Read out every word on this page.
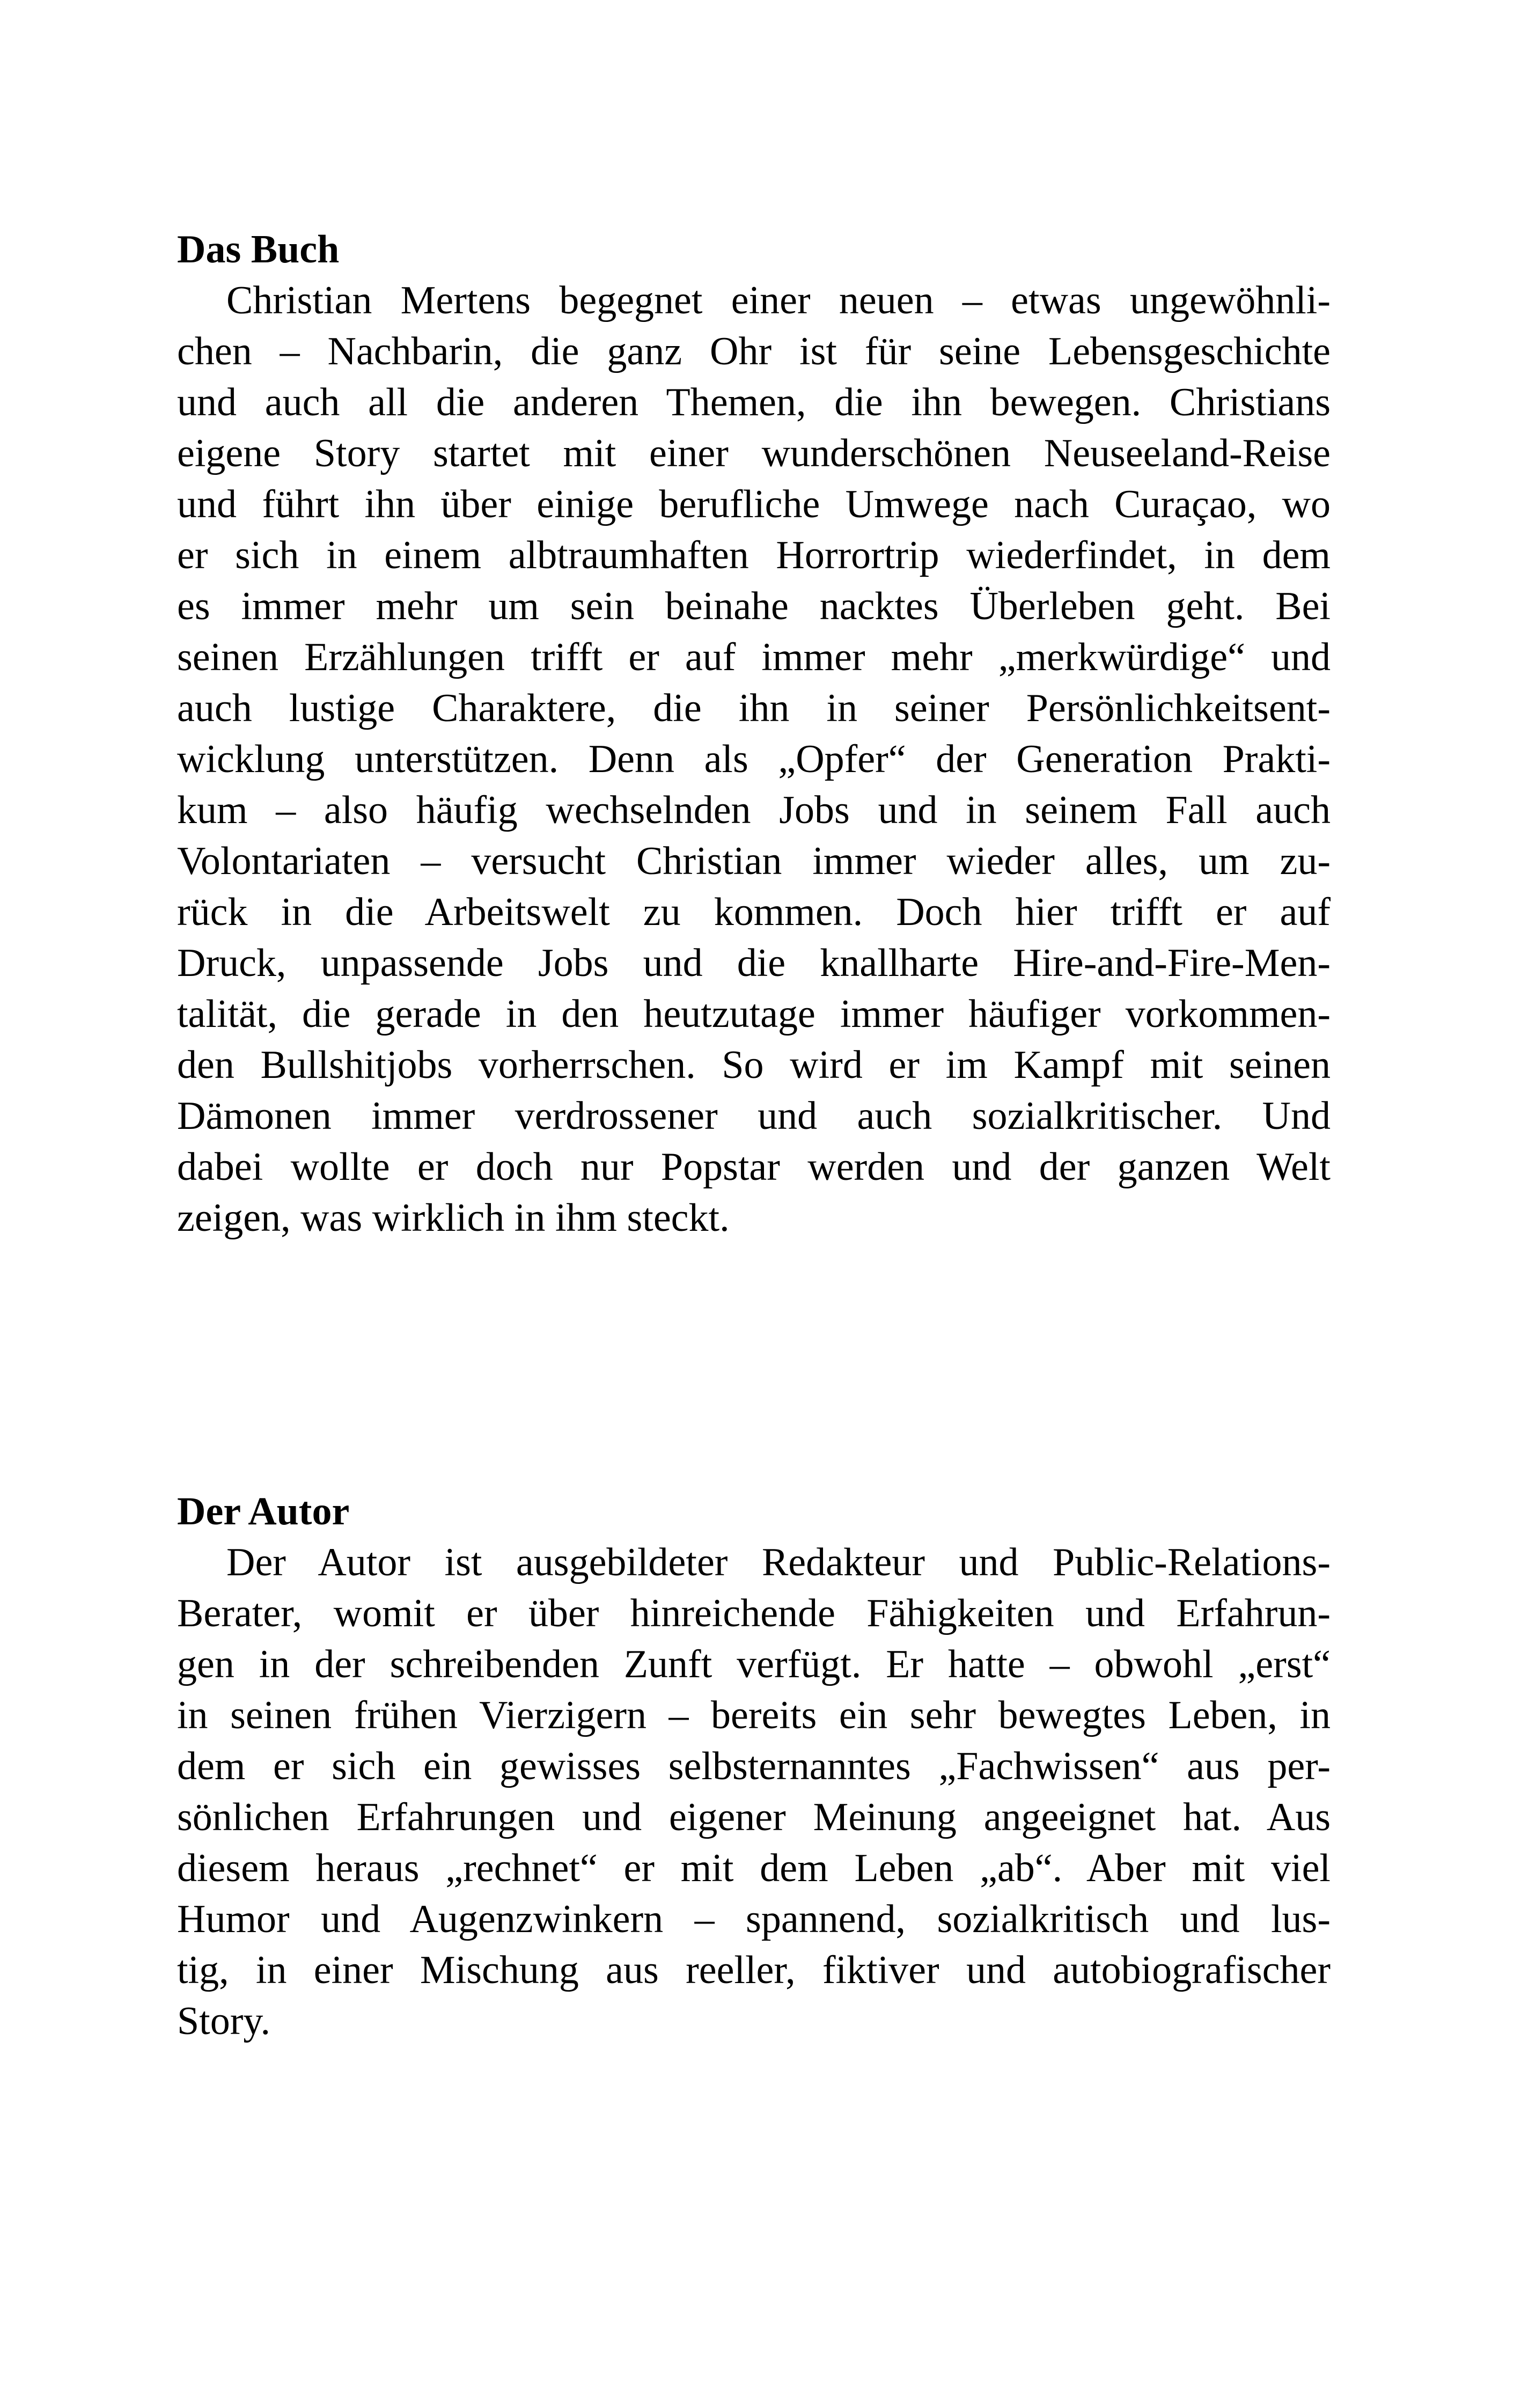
Das Buch
Christian Mertens begegnet einer neuen – etwas ungewöhnli-
chen – Nachbarin, die ganz Ohr ist für seine Lebensgeschichte
und auch all die anderen Themen, die ihn bewegen. Christians
eigene Story startet mit einer wunderschönen Neuseeland-Reise
und führt ihn über einige berufliche Umwege nach Curaçao, wo
er sich in einem albtraumhaften Horrortrip wiederfindet, in dem
es immer mehr um sein beinahe nacktes Überleben geht. Bei
seinen Erzählungen trifft er auf immer mehr „merkwürdige“ und
auch lustige Charaktere, die ihn in seiner Persönlichkeitsent-
wicklung unterstützen. Denn als „Opfer“ der Generation Prakti-
kum – also häufig wechselnden Jobs und in seinem Fall auch
Volontariaten – versucht Christian immer wieder alles, um zu-
rück in die Arbeitswelt zu kommen. Doch hier trifft er auf
Druck, unpassende Jobs und die knallharte Hire-and-Fire-Men-
talität, die gerade in den heutzutage immer häufiger vorkommen-
den Bullshitjobs vorherrschen. So wird er im Kampf mit seinen
Dämonen immer verdrossener und auch sozialkritischer. Und
dabei wollte er doch nur Popstar werden und der ganzen Welt
zeigen, was wirklich in ihm steckt.
Der Autor
Der Autor ist ausgebildeter Redakteur und Public-Relations-
Berater, womit er über hinreichende Fähigkeiten und Erfahrun-
gen in der schreibenden Zunft verfügt. Er hatte – obwohl „erst“
in seinen frühen Vierzigern – bereits ein sehr bewegtes Leben, in
dem er sich ein gewisses selbsternanntes „Fachwissen“ aus per-
sönlichen Erfahrungen und eigener Meinung angeeignet hat. Aus
diesem heraus „rechnet“ er mit dem Leben „ab“. Aber mit viel
Humor und Augenzwinkern – spannend, sozialkritisch und lus-
tig, in einer Mischung aus reeller, fiktiver und autobiografischer
Story.
